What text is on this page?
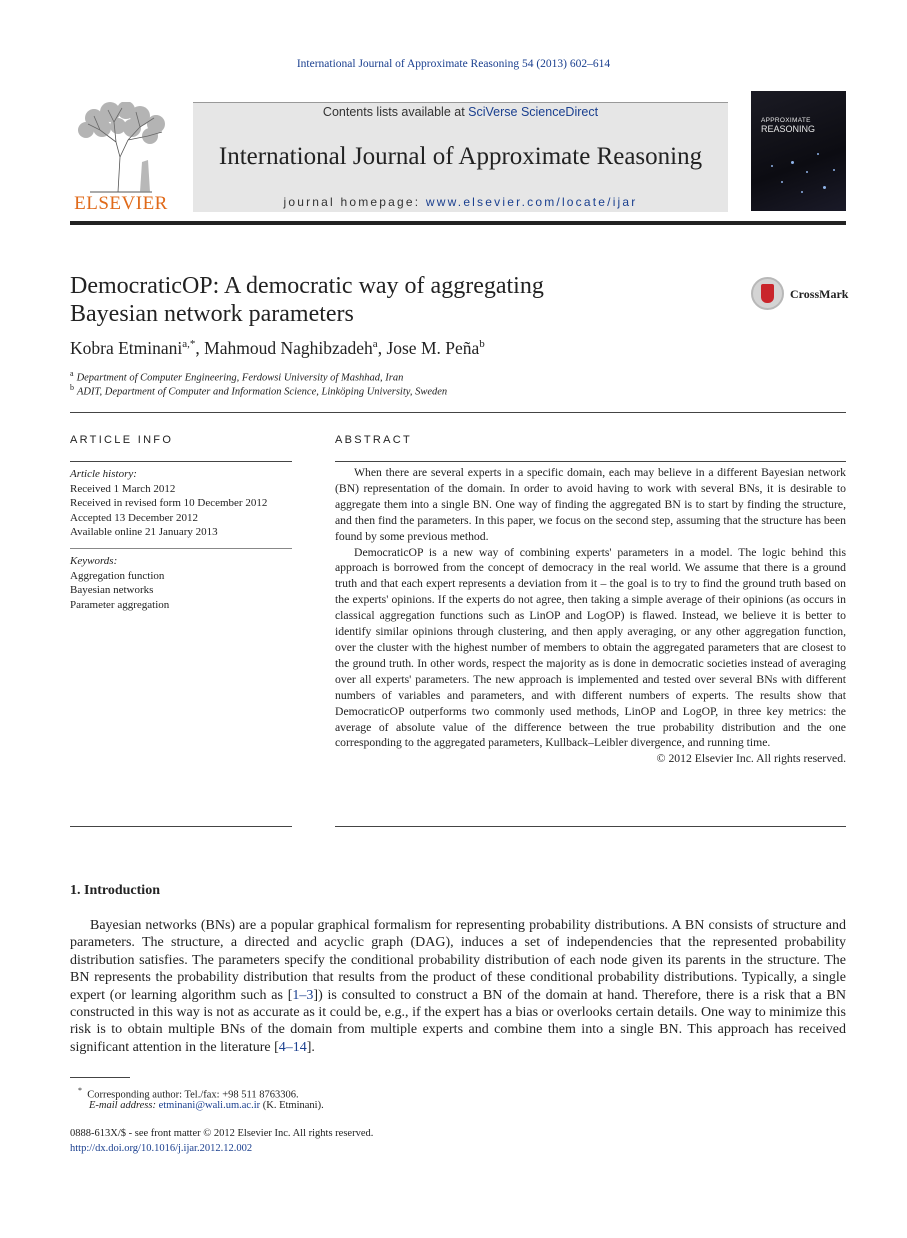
International Journal of Approximate Reasoning 54 (2013) 602–614
ELSEVIER
Contents lists available at SciVerse ScienceDirect
International Journal of Approximate Reasoning
journal homepage: www.elsevier.com/locate/ijar
APPROXIMATE
REASONING
DemocraticOP: A democratic way of aggregating Bayesian network parameters
CrossMark
Kobra Etminani$^{a,*}$, Mahmoud Naghibzadeh$^a$, Jose M. Peña$^b$
$^a$ Department of Computer Engineering, Ferdowsi University of Mashhad, Iran
$^b$ ADIT, Department of Computer and Information Science, Linköping University, Sweden
ARTICLE INFO
Article history:
Received 1 March 2012
Received in revised form 10 December 2012
Accepted 13 December 2012
Available online 21 January 2013
Keywords:
Aggregation function
Bayesian networks
Parameter aggregation
ABSTRACT

When there are several experts in a specific domain, each may believe in a different Bayesian network (BN) representation of the domain. In order to avoid having to work with several BNs, it is desirable to aggregate them into a single BN. One way of finding the aggregated BN is to start by finding the structure, and then find the parameters. In this paper, we focus on the second step, assuming that the structure has been found by some previous method.

DemocraticOP is a new way of combining experts' parameters in a model. The logic behind this approach is borrowed from the concept of democracy in the real world. We assume that there is a ground truth and that each expert represents a deviation from it – the goal is to try to find the ground truth based on the experts' opinions. If the experts do not agree, then taking a simple average of their opinions (as occurs in classical aggregation functions such as LinOP and LogOP) is flawed. Instead, we believe it is better to identify similar opinions through clustering, and then apply averaging, or any other aggregation function, over the cluster with the highest number of members to obtain the aggregated parameters that are closest to the ground truth. In other words, respect the majority as is done in democratic societies instead of averaging over all experts' parameters. The new approach is implemented and tested over several BNs with different numbers of variables and parameters, and with different numbers of experts. The results show that DemocraticOP outperforms two commonly used methods, LinOP and LogOP, in three key metrics: the average of absolute value of the difference between the true probability distribution and the one corresponding to the aggregated parameters, Kullback–Leibler divergence, and running time.

© 2012 Elsevier Inc. All rights reserved.

1. Introduction
Bayesian networks (BNs) are a popular graphical formalism for representing probability distributions. A BN consists of structure and parameters. The structure, a directed and acyclic graph (DAG), induces a set of independencies that the represented probability distribution satisfies. The parameters specify the conditional probability distribution of each node given its parents in the structure. The BN represents the probability distribution that results from the product of these conditional probability distributions. Typically, a single expert (or learning algorithm such as [1–3]) is consulted to construct a BN of the domain at hand. Therefore, there is a risk that a BN constructed in this way is not as accurate as it could be, e.g., if the expert has a bias or overlooks certain details. One way to minimize this risk is to obtain multiple BNs of the domain from multiple experts and combine them into a single BN. This approach has received significant attention in the literature [4–14].
* Corresponding author: Tel./fax: +98 511 8763306.
E-mail address: etminani@wali.um.ac.ir (K. Etminani).
0888-613X/$ - see front matter © 2012 Elsevier Inc. All rights reserved.
http://dx.doi.org/10.1016/j.ijar.2012.12.002
